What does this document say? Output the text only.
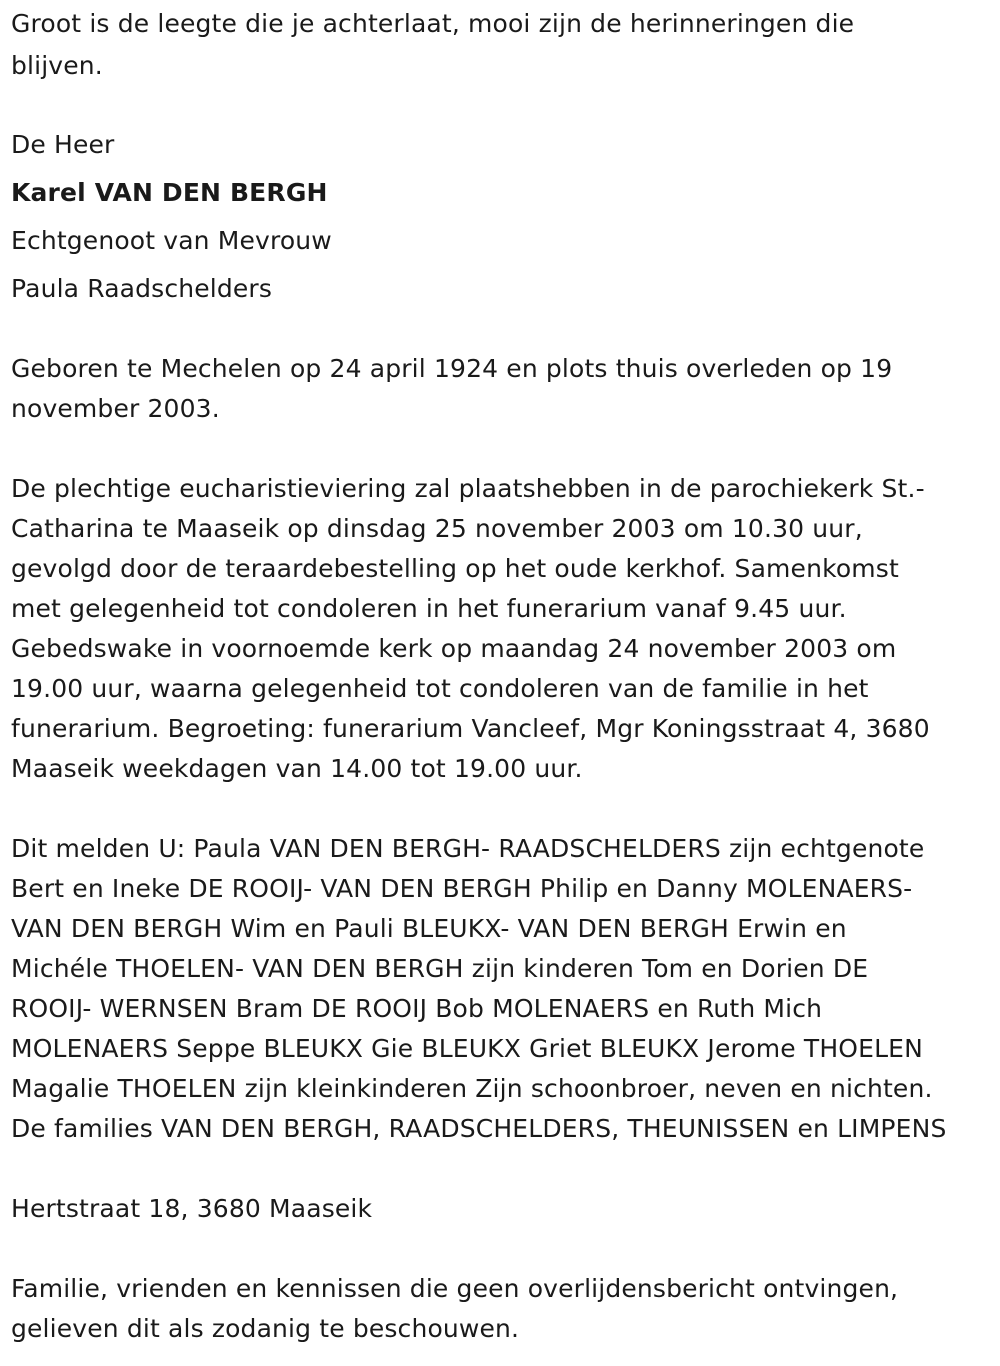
Groot is de leegte die je achterlaat, mooi zijn de herinneringen die
blijven.
De Heer
Karel VAN DEN BERGH
Echtgenoot van Mevrouw
Paula Raadschelders
Geboren te Mechelen op 24 april 1924 en plots thuis overleden op 19
november 2003.
De plechtige eucharistieviering zal plaatshebben in de parochiekerk St.-
Catharina te Maaseik op dinsdag 25 november 2003 om 10.30 uur,
gevolgd door de teraardebestelling op het oude kerkhof. Samenkomst
met gelegenheid tot condoleren in het funerarium vanaf 9.45 uur.
Gebedswake in voornoemde kerk op maandag 24 november 2003 om
19.00 uur, waarna gelegenheid tot condoleren van de familie in het
funerarium. Begroeting: funerarium Vancleef, Mgr Koningsstraat 4, 3680
Maaseik weekdagen van 14.00 tot 19.00 uur.
Dit melden U: Paula VAN DEN BERGH- RAADSCHELDERS zijn echtgenote
Bert en Ineke DE ROOIJ- VAN DEN BERGH Philip en Danny MOLENAERS-
VAN DEN BERGH Wim en Pauli BLEUKX- VAN DEN BERGH Erwin en
Michéle THOELEN- VAN DEN BERGH zijn kinderen Tom en Dorien DE
ROOIJ- WERNSEN Bram DE ROOIJ Bob MOLENAERS en Ruth Mich
MOLENAERS Seppe BLEUKX Gie BLEUKX Griet BLEUKX Jerome THOELEN
Magalie THOELEN zijn kleinkinderen Zijn schoonbroer, neven en nichten.
De families VAN DEN BERGH, RAADSCHELDERS, THEUNISSEN en LIMPENS
Hertstraat 18, 3680 Maaseik
Familie, vrienden en kennissen die geen overlijdensbericht ontvingen,
gelieven dit als zodanig te beschouwen.
